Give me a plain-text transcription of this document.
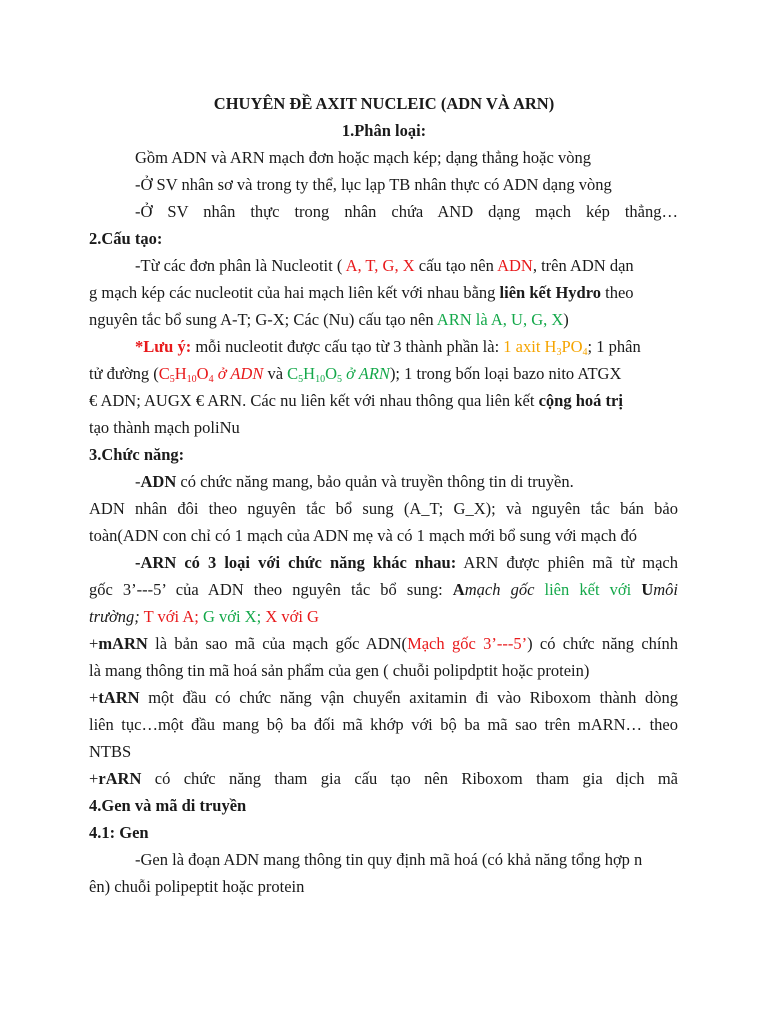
CHUYÊN ĐỀ AXIT NUCLEIC (ADN VÀ ARN)
1.Phân loại:
Gồm ADN và ARN mạch đơn hoặc mạch kép; dạng thẳng hoặc vòng
-Ở SV nhân sơ và trong ty thể, lục lạp TB nhân thực có ADN dạng vòng
-Ở SV nhân thực trong nhân chứa AND dạng mạch kép thẳng…
2.Cấu tạo:
-Từ các đơn phân là Nucleotit ( A, T, G, X cấu tạo nên ADN, trên ADN dạn
g mạch kép các nucleotit của hai mạch liên kết với nhau bằng liên kết Hydro theo
nguyên tắc bổ sung A-T; G-X; Các (Nu) cấu tạo nên ARN là A, U, G, X)
*Lưu ý: mỗi nucleotit được cấu tạo từ 3 thành phần là: 1 axit $H_3PO_4$; 1 phân
tử đường ($C_5H_{10}O_4$ ở ADN và $C_5H_{10}O_5$ ở ARN); 1 trong bốn loại bazo nito ATGX
€ ADN; AUGX € ARN. Các nu liên kết với nhau thông qua liên kết cộng hoá trị
tạo thành mạch poliNu
3.Chức năng:
-ADN có chức năng mang, bảo quản và truyền thông tin di truyền.
ADN nhân đôi theo nguyên tắc bổ sung (A_T; G_X); và nguyên tắc bán bảo
toàn(ADN con chỉ có 1 mạch của ADN mẹ và có 1 mạch mới bổ sung với mạch đó
-ARN có 3 loại với chức năng khác nhau: ARN được phiên mã từ mạch
gốc 3’---5’ của ADN theo nguyên tắc bổ sung: Amạch gốc liên kết với Umôi
trường; T với A; G với X; X với G
+mARN là bản sao mã của mạch gốc ADN(Mạch gốc 3’---5’) có chức năng chính
là mang thông tin mã hoá sản phẩm của gen ( chuỗi polipdptit hoặc protein)
+tARN một đầu có chức năng vận chuyển axitamin đi vào Riboxom thành dòng
liên tục…một đầu mang bộ ba đối mã khớp với bộ ba mã sao trên mARN… theo
NTBS
+rARN có chức năng tham gia cấu tạo nên Riboxom tham gia dịch mã
4.Gen và mã di truyền
4.1: Gen
-Gen là đoạn ADN mang thông tin quy định mã hoá (có khả năng tổng hợp n
ên) chuỗi polipeptit hoặc protein
